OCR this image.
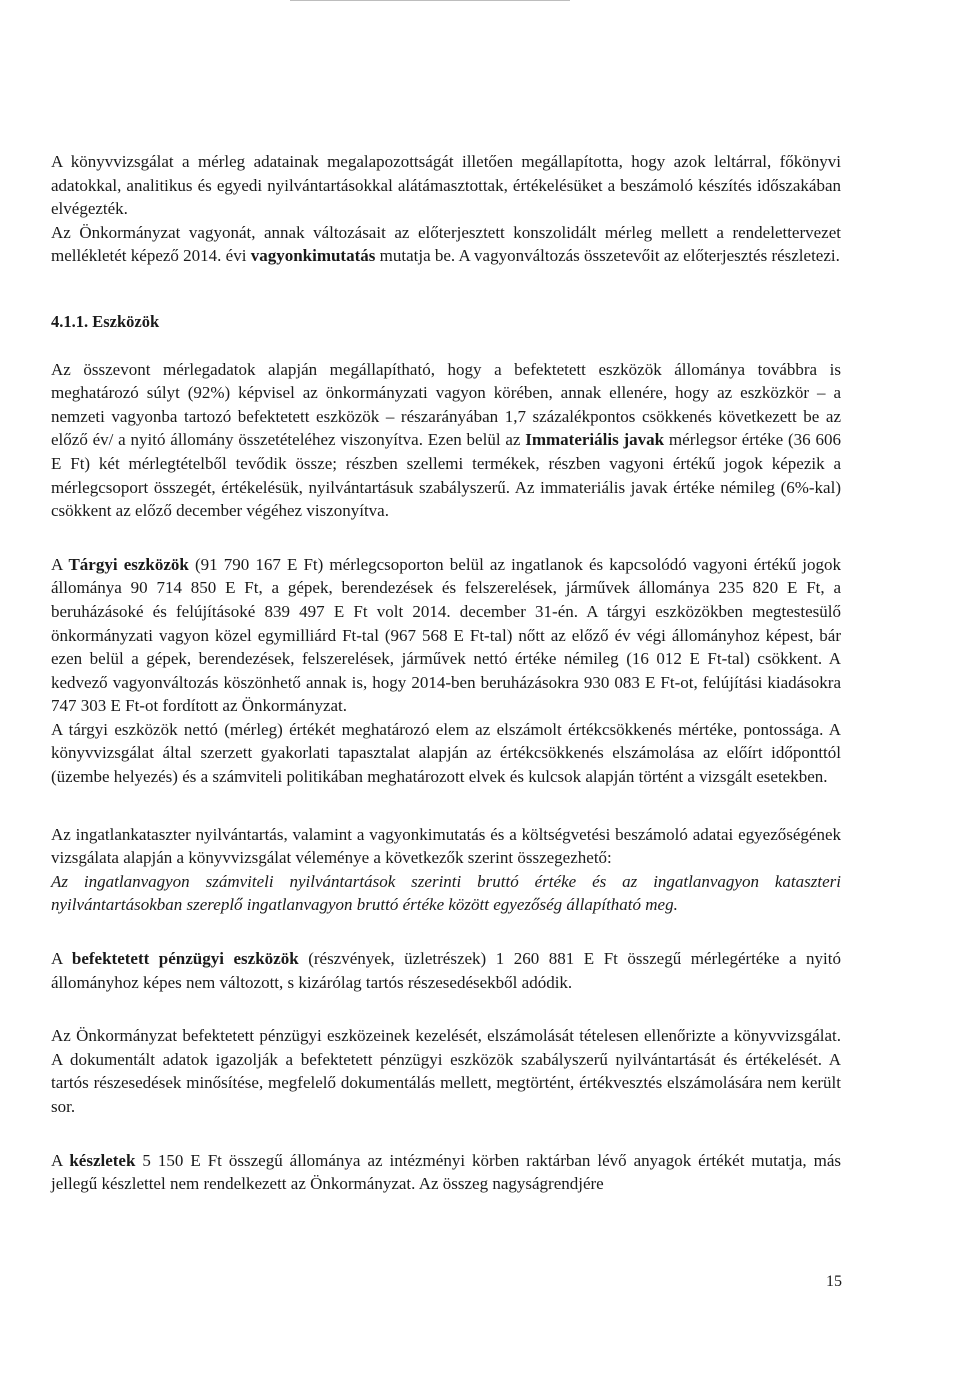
A könyvvizsgálat a mérleg adatainak megalapozottságát illetően megállapította, hogy azok leltárral, főkönyvi adatokkal, analitikus és egyedi nyilvántartásokkal alátámasztottak, értékelésüket a beszámoló készítés időszakában elvégezték.

Az Önkormányzat vagyonát, annak változásait az előterjesztett konszolidált mérleg mellett a rendelettervezet mellékletét képező 2014. évi vagyonkimutatás mutatja be. A vagyonváltozás összetevőit az előterjesztés részletezi.

4.1.1. Eszközök

Az összevont mérlegadatok alapján megállapítható, hogy a befektetett eszközök állománya továbbra is meghatározó súlyt (92%) képvisel az önkormányzati vagyon körében, annak ellenére, hogy az eszközkör – a nemzeti vagyonba tartozó befektetett eszközök – részarányában 1,7 százalékpontos csökkenés következett be az előző év/ a nyitó állomány összetételéhez viszonyítva. Ezen belül az Immateriális javak mérlegsor értéke (36 606 E Ft) két mérlegtételből tevődik össze; részben szellemi termékek, részben vagyoni értékű jogok képezik a mérlegcsoport összegét, értékelésük, nyilvántartásuk szabályszerű. Az immateriális javak értéke némileg (6%-kal) csökkent az előző december végéhez viszonyítva.

A Tárgyi eszközök (91 790 167 E Ft) mérlegcsoporton belül az ingatlanok és kapcsolódó vagyoni értékű jogok állománya 90 714 850 E Ft, a gépek, berendezések és felszerelések, járművek állománya 235 820 E Ft, a beruházásoké és felújításoké 839 497 E Ft volt 2014. december 31-én. A tárgyi eszközökben megtestesülő önkormányzati vagyon közel egymilliárd Ft-tal (967 568 E Ft-tal) nőtt az előző év végi állományhoz képest, bár ezen belül a gépek, berendezések, felszerelések, járművek nettó értéke némileg (16 012 E Ft-tal) csökkent. A kedvező vagyonváltozás köszönhető annak is, hogy 2014-ben beruházásokra 930 083 E Ft-ot, felújítási kiadásokra 747 303 E Ft-ot fordított az Önkormányzat.

A tárgyi eszközök nettó (mérleg) értékét meghatározó elem az elszámolt értékcsökkenés mértéke, pontossága. A könyvvizsgálat által szerzett gyakorlati tapasztalat alapján az értékcsökkenés elszámolása az előírt időponttól (üzembe helyezés) és a számviteli politikában meghatározott elvek és kulcsok alapján történt a vizsgált esetekben.

Az ingatlankataszter nyilvántartás, valamint a vagyonkimutatás és a költségvetési beszámoló adatai egyezőségének vizsgálata alapján a könyvvizsgálat véleménye a következők szerint összegezhető:

Az ingatlanvagyon számviteli nyilvántartások szerinti bruttó értéke és az ingatlanvagyon kataszteri nyilvántartásokban szereplő ingatlanvagyon bruttó értéke között egyezőség állapítható meg.

A befektetett pénzügyi eszközök (részvények, üzletrészek) 1 260 881 E Ft összegű mérlegértéke a nyitó állományhoz képes nem változott, s kizárólag tartós részesedésekből adódik.

Az Önkormányzat befektetett pénzügyi eszközeinek kezelését, elszámolását tételesen ellenőrizte a könyvvizsgálat. A dokumentált adatok igazolják a befektetett pénzügyi eszközök szabályszerű nyilvántartását és értékelését. A tartós részesedések minősítése, megfelelő dokumentálás mellett, megtörtént, értékvesztés elszámolására nem került sor.

A készletek 5 150 E Ft összegű állománya az intézményi körben raktárban lévő anyagok értékét mutatja, más jellegű készlettel nem rendelkezett az Önkormányzat. Az összeg nagyságrendjére

15
